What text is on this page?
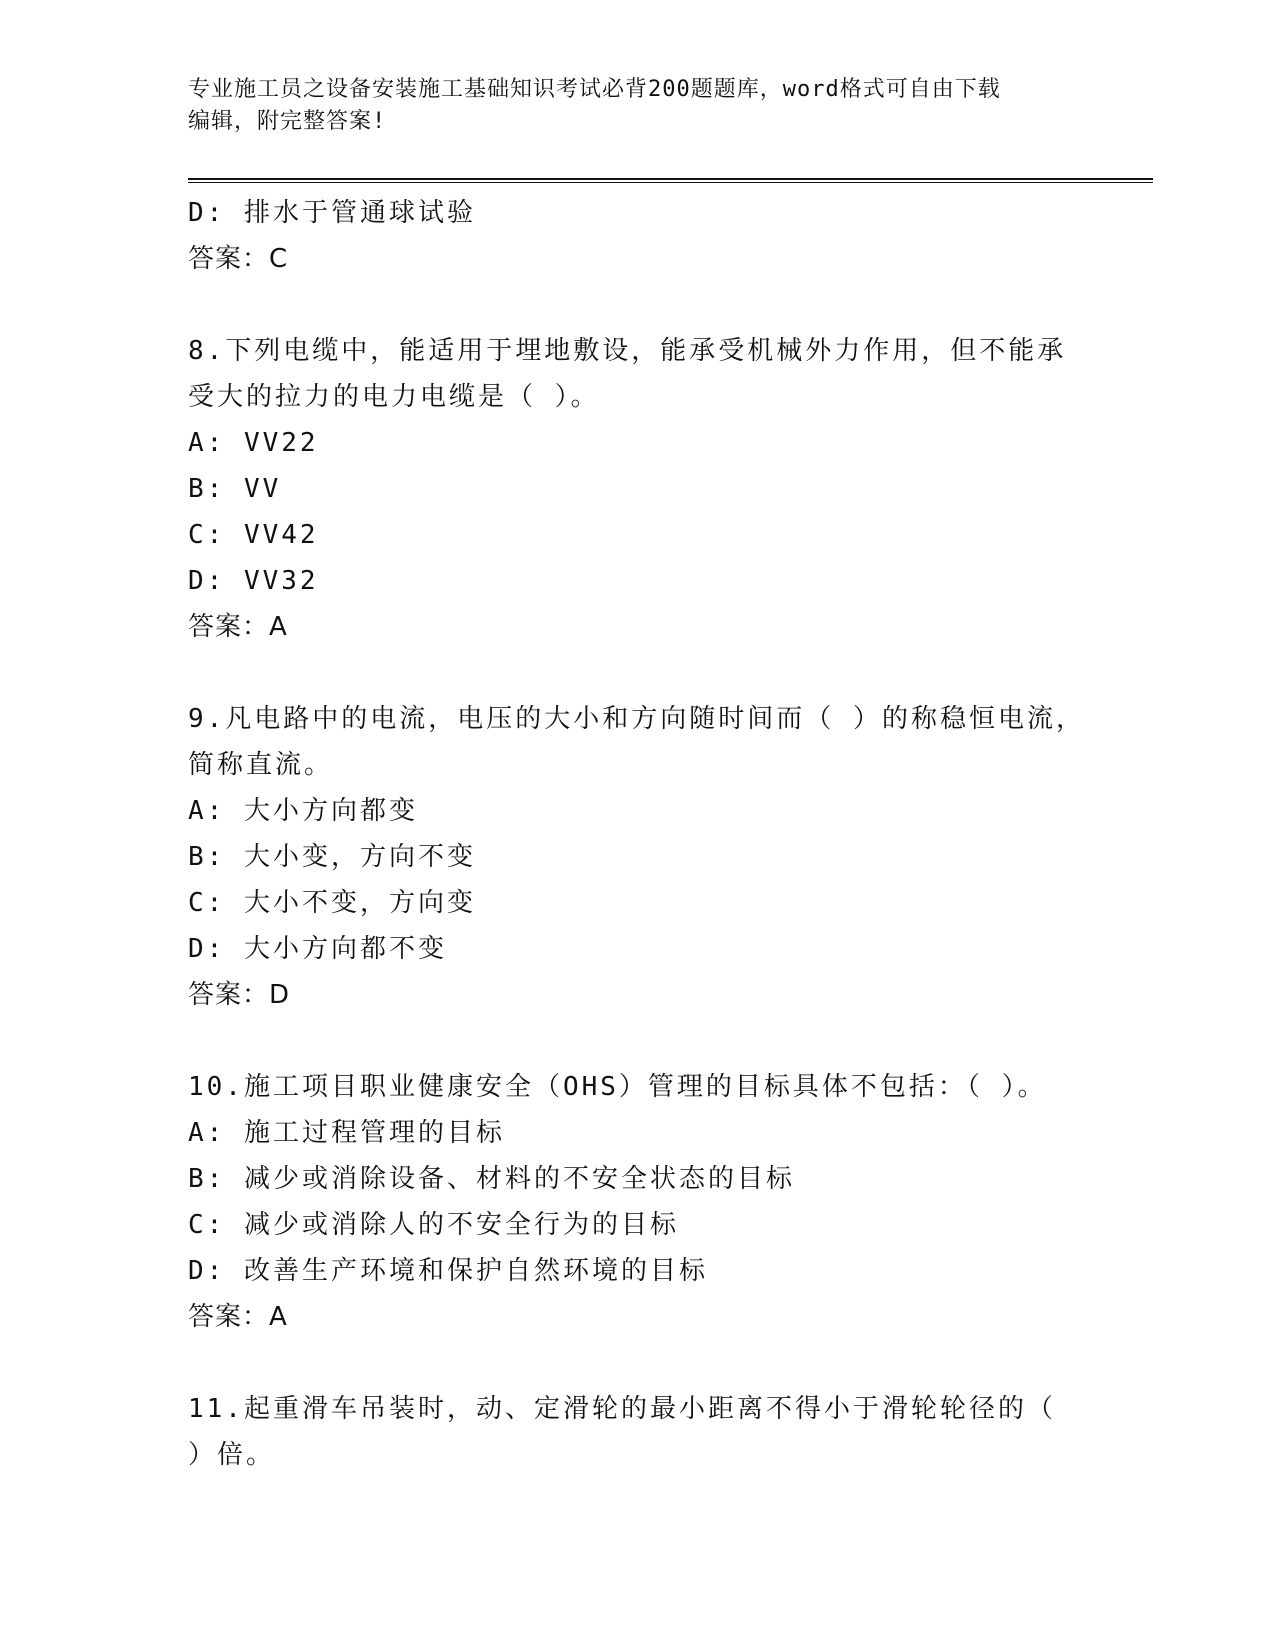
专业施工员之设备安装施工基础知识考试必背200题题库，word格式可自由下载
编辑，附完整答案!
D: 排水于管通球试验
答案：C
8.下列电缆中，能适用于埋地敷设，能承受机械外力作用，但不能承
受大的拉力的电力电缆是（ ）。
A: VV22
B: VV
C: VV42
D: VV32
答案：A
9.凡电路中的电流，电压的大小和方向随时间而（ ）的称稳恒电流，
简称直流。
A: 大小方向都变
B: 大小变，方向不变
C: 大小不变，方向变
D: 大小方向都不变
答案：D
10.施工项目职业健康安全（OHS）管理的目标具体不包括：（ ）。
A: 施工过程管理的目标
B: 减少或消除设备、材料的不安全状态的目标
C: 减少或消除人的不安全行为的目标
D: 改善生产环境和保护自然环境的目标
答案：A
11.起重滑车吊装时，动、定滑轮的最小距离不得小于滑轮轮径的（
）倍。
